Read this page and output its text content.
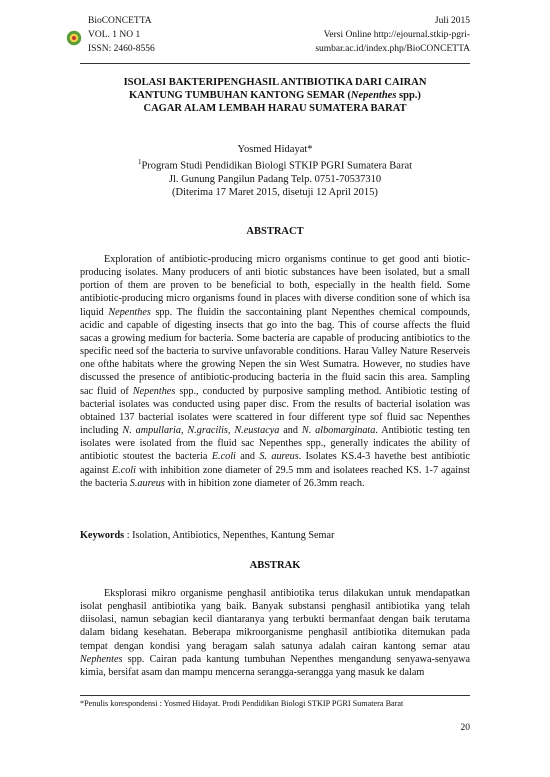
BioCONCETTA
VOL. 1 NO 1
ISSN: 2460-8556
Juli 2015
Versi Online http://ejournal.stkip-pgri-
sumbar.ac.id/index.php/BioCONCETTA
ISOLASI BAKTERIPENGHASIL ANTIBIOTIKA DARI CAIRAN
KANTUNG TUMBUHAN KANTONG SEMAR (Nepenthes spp.)
CAGAR ALAM LEMBAH HARAU SUMATERA BARAT
Yosmed Hidayat*
$^1$Program Studi Pendidikan Biologi STKIP PGRI Sumatera Barat
Jl. Gunung Pangilun Padang Telp. 0751-70537310
(Diterima 17 Maret 2015, disetuji 12 April 2015)
ABSTRACT

Exploration of antibiotic-producing micro organisms continue to get good anti biotic-producing isolates. Many producers of anti biotic substances have been isolated, but a small portion of them are proven to be beneficial to both, especially in the health field. Some antibiotic-producing micro organisms found in places with diverse condition sone of which isa liquid Nepenthes spp. The fluidin the saccontaining plant Nepenthes chemical compounds, acidic and capable of digesting insects that go into the bag. This of course affects the fluid sacas a growing medium for bacteria. Some bacteria are capable of producing antibiotics to the specific need sof the bacteria to survive unfavorable conditions. Harau Valley Nature Reserveis one ofthe habitats where the growing Nepen the sin West Sumatra. However, no studies have discussed the presence of antibiotic-producing bacteria in the fluid sacin this area. Sampling sac fluid of Nepenthes spp., conducted by purposive sampling method. Antibiotic testing of bacterial isolates was conducted using paper disc. From the results of bacterial isolation was obtained 137 bacterial isolates were scattered in four different type sof fluid sac Nepenthes including N. ampullaria, N.gracilis, N.eustacya and N. albomarginata. Antibiotic testing ten isolates were isolated from the fluid sac Nepenthes spp., generally indicates the ability of antibiotic stoutest the bacteria E.coli and S. aureus. Isolates KS.4-3 havethe best antibiotic against E.coli with inhibition zone diameter of 29.5 mm and isolatees reached KS. 1-7 against the bacteria S.aureus with in hibition zone diameter of 26.3mm reach.

Keywords : Isolation, Antibiotics, Nepenthes, Kantung Semar
ABSTRAK

Eksplorasi mikro organisme penghasil antibiotika terus dilakukan untuk mendapatkan isolat penghasil antibiotika yang baik. Banyak substansi penghasil antibiotika yang telah diisolasi, namun sebagian kecil diantaranya yang terbukti bermanfaat dengan baik terutama dalam bidang kesehatan. Beberapa mikroorganisme penghasil antibiotika ditemukan pada tempat dengan kondisi yang beragam salah satunya adalah cairan kantong semar atau Nephentes spp. Cairan pada kantung tumbuhan Nepenthes mengandung senyawa-senyawa kimia, bersifat asam dan mampu mencerna serangga-serangga yang masuk ke dalam

*Penulis korespondensi : Yosmed Hidayat. Prodi Pendidikan Biologi STKIP PGRI Sumatera Barat
20
